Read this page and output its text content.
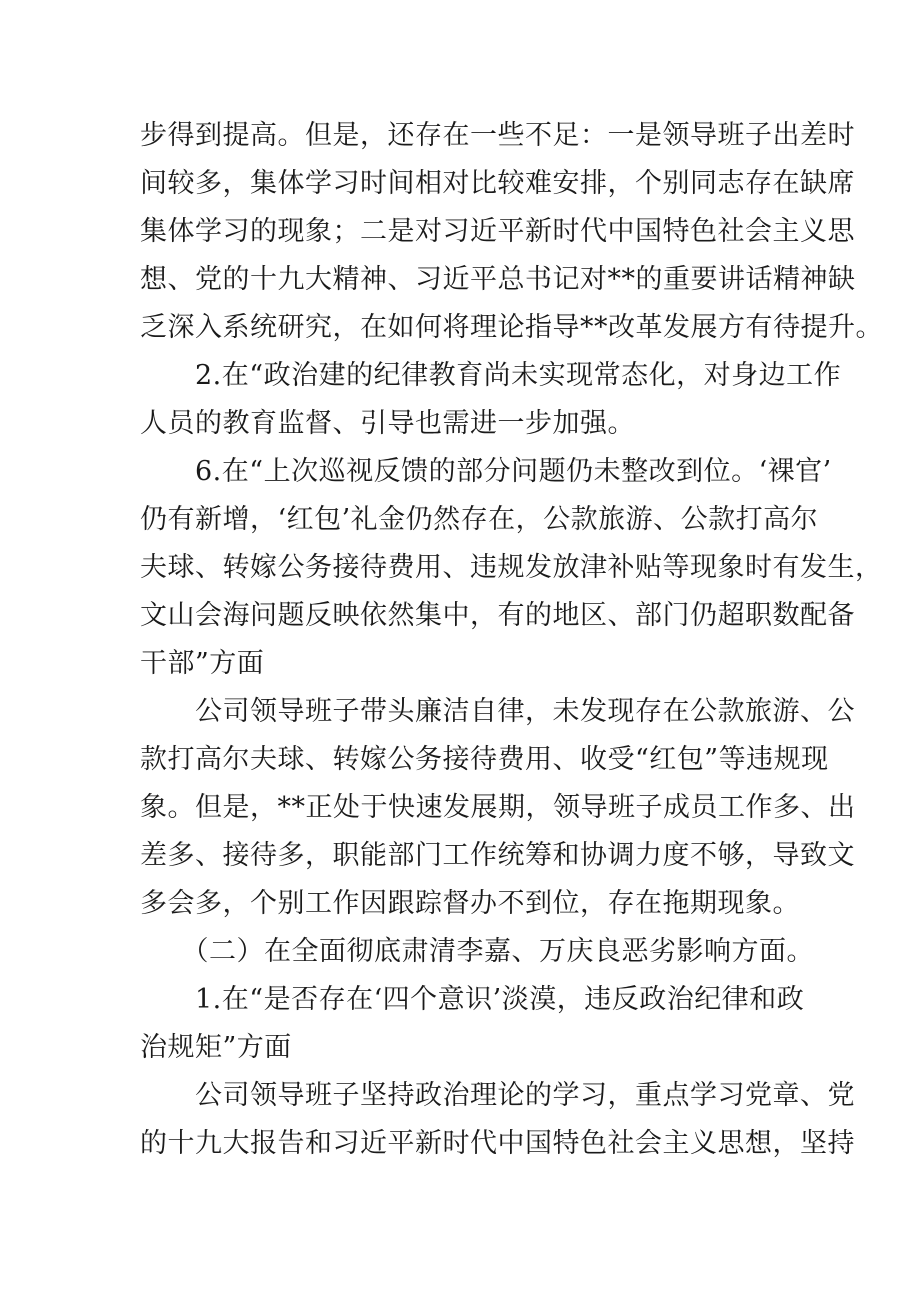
步得到提高。但是，还存在一些不足：一是领导班子出差时
间较多，集体学习时间相对比较难安排，个别同志存在缺席
集体学习的现象；二是对习近平新时代中国特色社会主义思
想、党的十九大精神、习近平总书记对**的重要讲话精神缺
乏深入系统研究，在如何将理论指导**改革发展方有待提升。
　　2.在“政治建的纪律教育尚未实现常态化，对身边工作
人员的教育监督、引导也需进一步加强。
　　6.在“上次巡视反馈的部分问题仍未整改到位。‘裸官’
仍有新增，‘红包’礼金仍然存在，公款旅游、公款打高尔
夫球、转嫁公务接待费用、违规发放津补贴等现象时有发生，
文山会海问题反映依然集中，有的地区、部门仍超职数配备
干部”方面
　　公司领导班子带头廉洁自律，未发现存在公款旅游、公
款打高尔夫球、转嫁公务接待费用、收受“红包”等违规现
象。但是，**正处于快速发展期，领导班子成员工作多、出
差多、接待多，职能部门工作统筹和协调力度不够，导致文
多会多，个别工作因跟踪督办不到位，存在拖期现象。
　　（二）在全面彻底肃清李嘉、万庆良恶劣影响方面。
　　1.在“是否存在‘四个意识’淡漠，违反政治纪律和政
治规矩”方面
　　公司领导班子坚持政治理论的学习，重点学习党章、党
的十九大报告和习近平新时代中国特色社会主义思想，坚持
